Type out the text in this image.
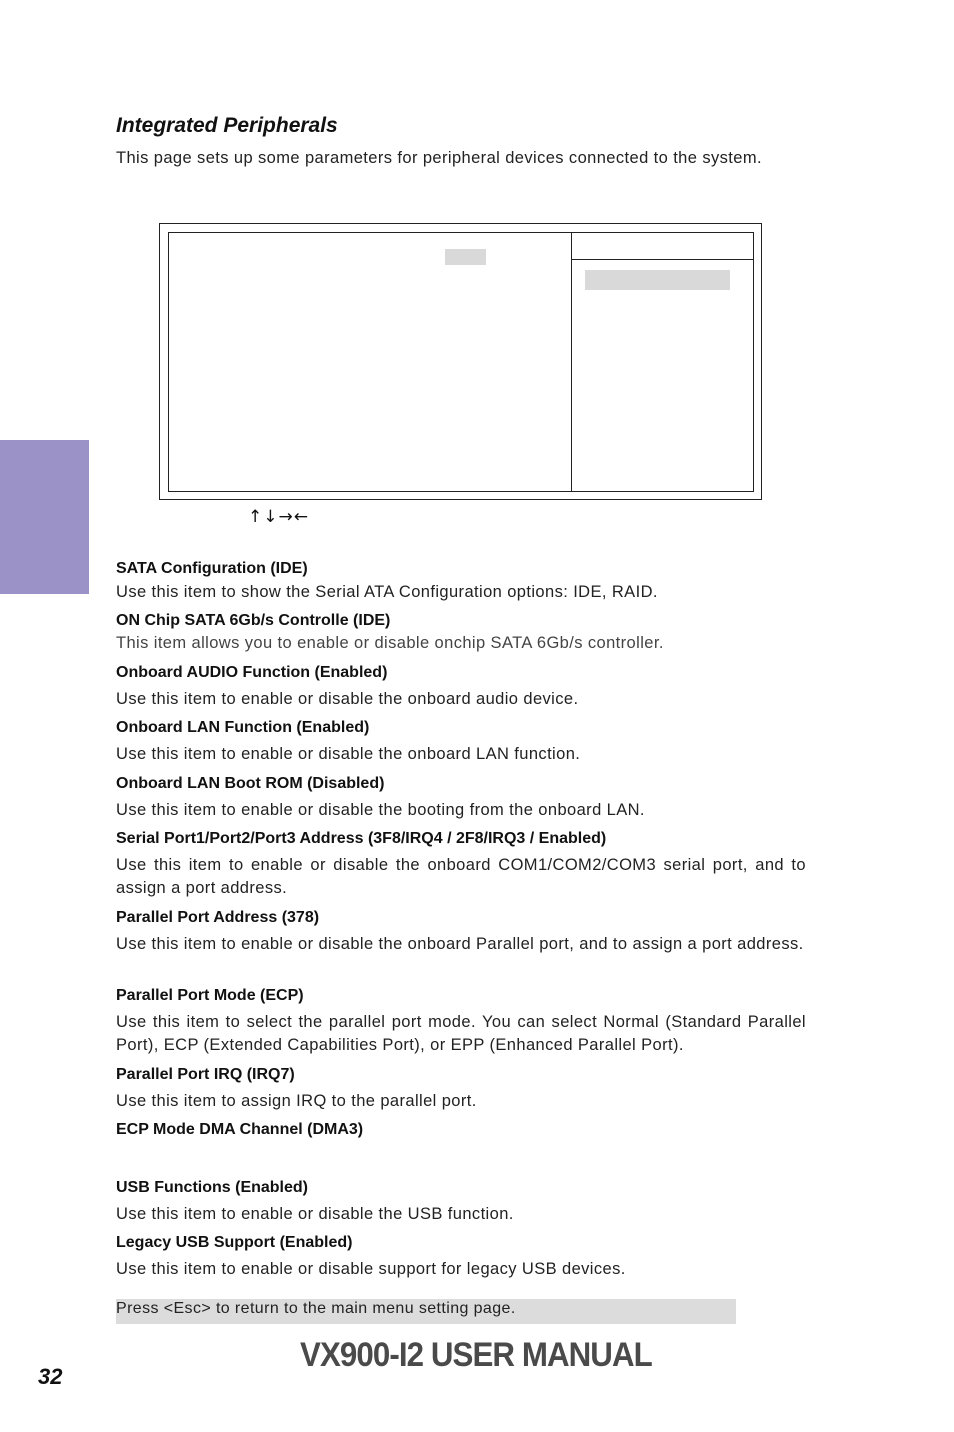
Integrated Peripherals
This page sets up some parameters for peripheral devices connected to the system.
↑↓→←
SATA Configuration (IDE)
Use this item to show the Serial ATA Configuration options: IDE, RAID.
ON Chip SATA 6Gb/s Controlle (IDE)
This item allows you to enable or disable onchip SATA 6Gb/s controller.
Onboard AUDIO Function (Enabled)
Use this item to enable or disable the onboard audio device.
Onboard LAN Function (Enabled)
Use this item to enable or disable the onboard LAN function.
Onboard LAN Boot ROM (Disabled)
Use this item to enable or disable the booting from the onboard LAN.
Serial Port1/Port2/Port3 Address (3F8/IRQ4 / 2F8/IRQ3 / Enabled)
Use this item to enable or disable the onboard COM1/COM2/COM3 serial port, and to assign a port address.
Parallel Port Address (378)
Use this item to enable or disable the onboard Parallel port, and to assign a port address.
Parallel Port Mode (ECP)
Use this item to select the parallel port mode. You can select Normal (Standard Parallel Port), ECP (Extended Capabilities Port), or EPP (Enhanced Parallel Port).
Parallel Port IRQ (IRQ7)
Use this item to assign IRQ to the parallel port.
ECP Mode DMA Channel (DMA3)
USB Functions (Enabled)
Use this item to enable or disable the USB function.
Legacy USB Support (Enabled)
Use this item to enable or disable support for legacy USB devices.
Press <Esc> to return to the main menu setting page.
32
VX900-I2 USER MANUAL
